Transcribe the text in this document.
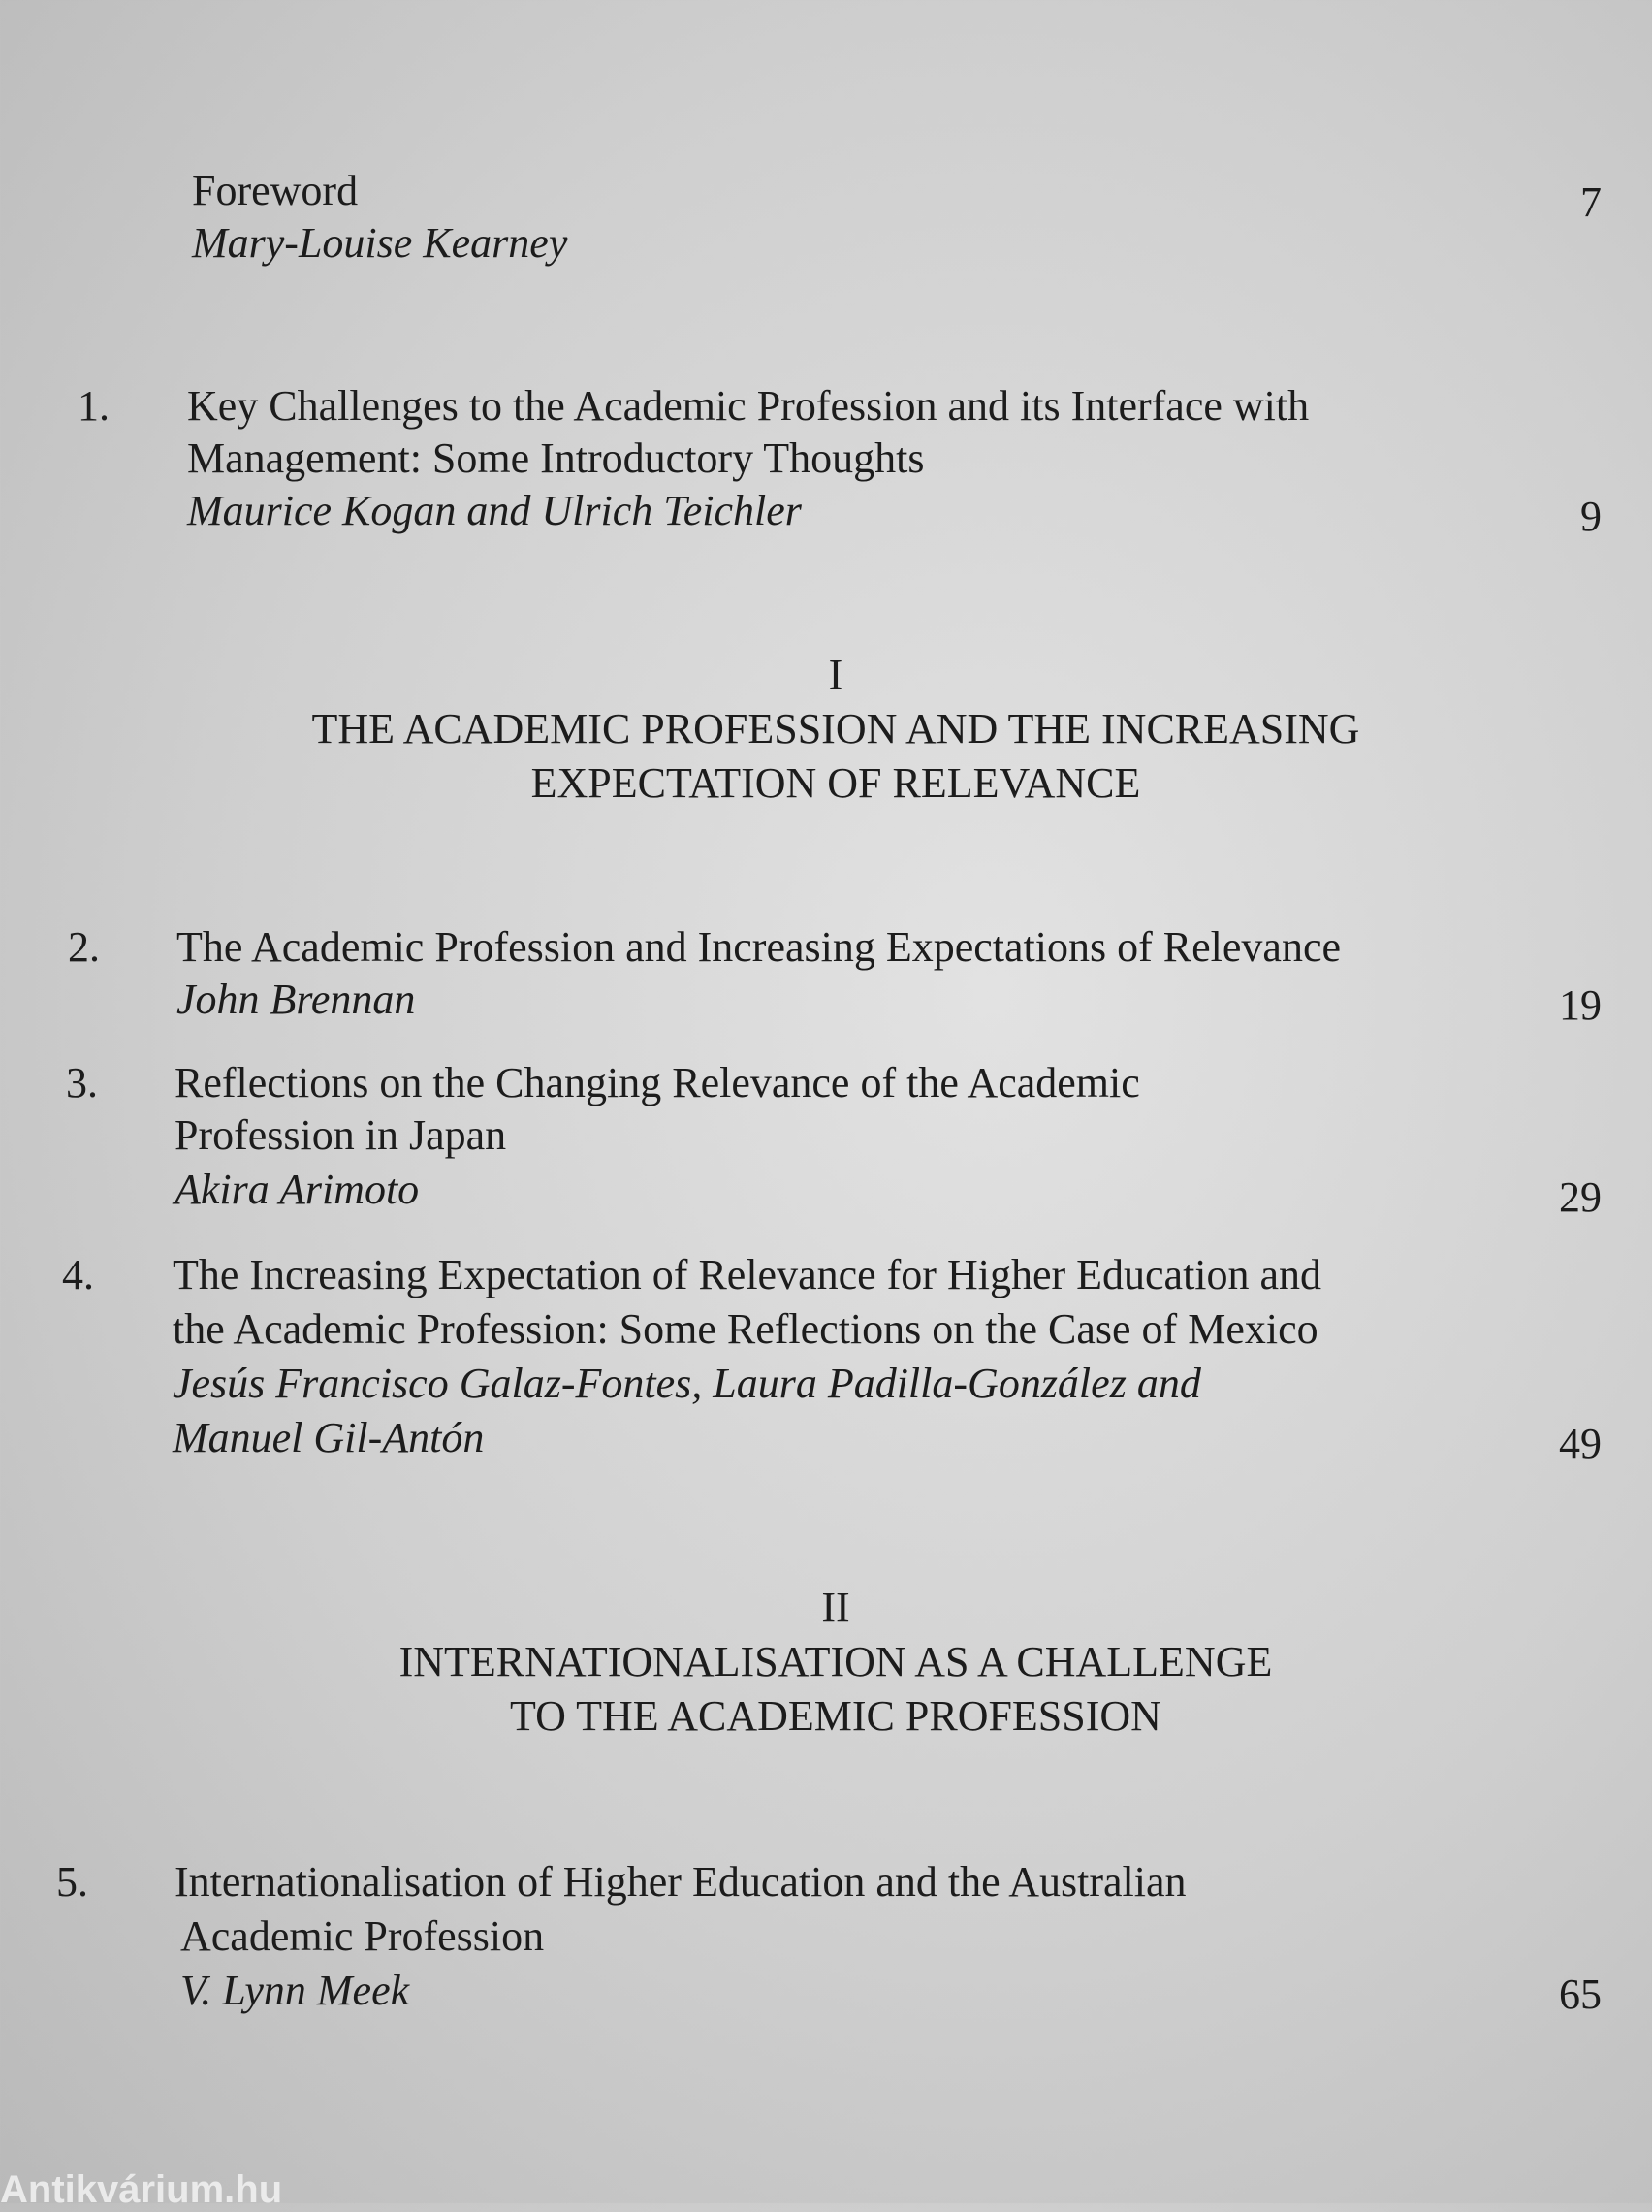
Foreword
Mary-Louise Kearney
7
1. Key Challenges to the Academic Profession and its Interface with
Management: Some Introductory Thoughts
Maurice Kogan and Ulrich Teichler	9
I
THE ACADEMIC PROFESSION AND THE INCREASING
EXPECTATION OF RELEVANCE
2. The Academic Profession and Increasing Expectations of Relevance
John Brennan	19
3. Reflections on the Changing Relevance of the Academic
Profession in Japan
Akira Arimoto	29
4. The Increasing Expectation of Relevance for Higher Education and
the Academic Profession: Some Reflections on the Case of Mexico
Jesús Francisco Galaz-Fontes, Laura Padilla-González and
Manuel Gil-Antón	49
II
INTERNATIONALISATION AS A CHALLENGE
TO THE ACADEMIC PROFESSION
5. Internationalisation of Higher Education and the Australian
Academic Profession
V. Lynn Meek	65
Antikvárium.hu
